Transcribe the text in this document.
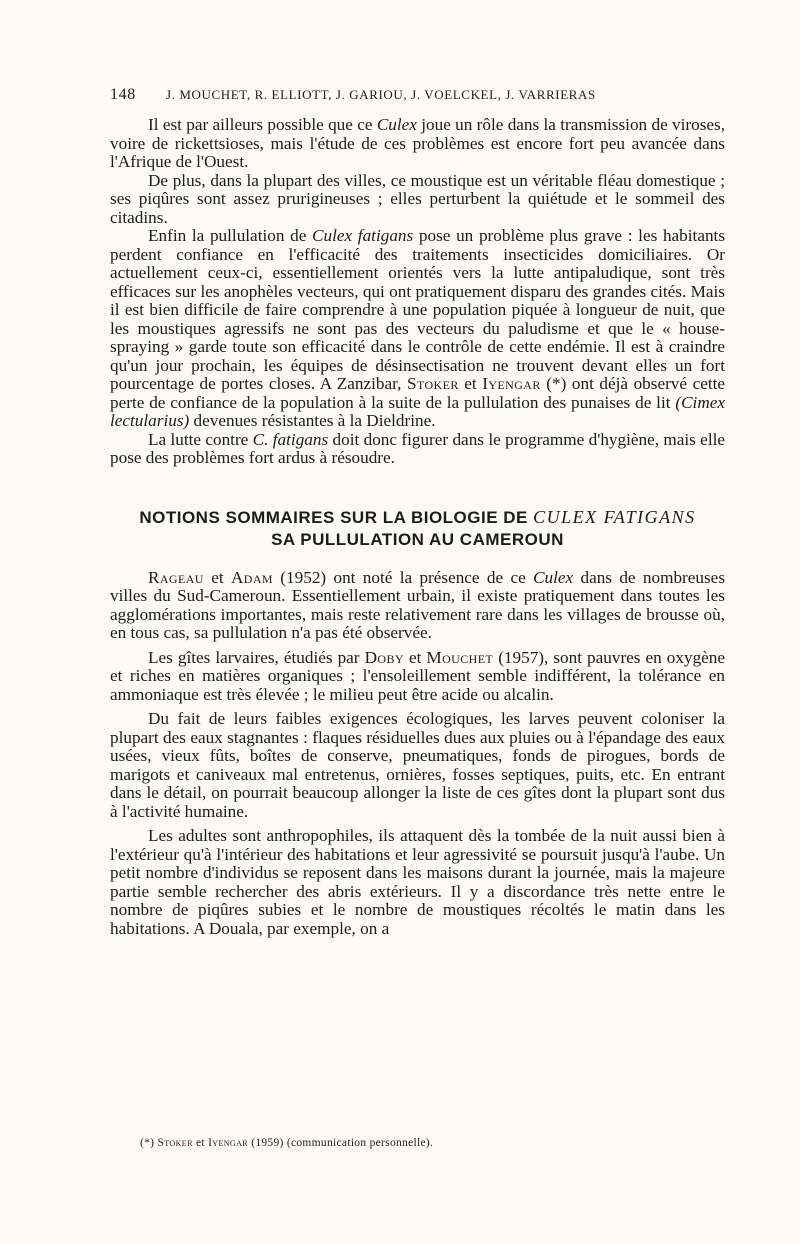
148 J. MOUCHET, R. ELLIOTT, J. GARIOU, J. VOELCKEL, J. VARRIERAS

Il est par ailleurs possible que ce Culex joue un rôle dans la transmission de viroses, voire de rickettsioses, mais l'étude de ces problèmes est encore fort peu avancée dans l'Afrique de l'Ouest.

De plus, dans la plupart des villes, ce moustique est un véritable fléau domestique ; ses piqûres sont assez prurigineuses ; elles perturbent la quiétude et le sommeil des citadins.

Enfin la pullulation de Culex fatigans pose un problème plus grave : les habitants perdent confiance en l'efficacité des traitements insecticides domiciliaires. Or actuellement ceux-ci, essentiellement orientés vers la lutte antipaludique, sont très efficaces sur les anophèles vecteurs, qui ont pratiquement disparu des grandes cités. Mais il est bien difficile de faire comprendre à une population piquée à longueur de nuit, que les moustiques agressifs ne sont pas des vecteurs du paludisme et que le « house-spraying » garde toute son efficacité dans le contrôle de cette endémie. Il est à craindre qu'un jour prochain, les équipes de désinsectisation ne trouvent devant elles un fort pourcentage de portes closes. A Zanzibar, Stoker et Iyengar (*) ont déjà observé cette perte de confiance de la population à la suite de la pullulation des punaises de lit (Cimex lectularius) devenues résistantes à la Dieldrine.

La lutte contre C. fatigans doit donc figurer dans le programme d'hygiène, mais elle pose des problèmes fort ardus à résoudre.

NOTIONS SOMMAIRES SUR LA BIOLOGIE DE CULEX FATIGANS
SA PULLULATION AU CAMEROUN

Rageau et Adam (1952) ont noté la présence de ce Culex dans de nombreuses villes du Sud-Cameroun. Essentiellement urbain, il existe pratiquement dans toutes les agglomérations importantes, mais reste relativement rare dans les villages de brousse où, en tous cas, sa pullulation n'a pas été observée.

Les gîtes larvaires, étudiés par Doby et Mouchet (1957), sont pauvres en oxygène et riches en matières organiques ; l'ensoleillement semble indifférent, la tolérance en ammoniaque est très élevée ; le milieu peut être acide ou alcalin.

Du fait de leurs faibles exigences écologiques, les larves peuvent coloniser la plupart des eaux stagnantes : flaques résiduelles dues aux pluies ou à l'épandage des eaux usées, vieux fûts, boîtes de conserve, pneumatiques, fonds de pirogues, bords de marigots et caniveaux mal entretenus, ornières, fosses septiques, puits, etc. En entrant dans le détail, on pourrait beaucoup allonger la liste de ces gîtes dont la plupart sont dus à l'activité humaine.

Les adultes sont anthropophiles, ils attaquent dès la tombée de la nuit aussi bien à l'extérieur qu'à l'intérieur des habitations et leur agressivité se poursuit jusqu'à l'aube. Un petit nombre d'individus se reposent dans les maisons durant la journée, mais la majeure partie semble rechercher des abris extérieurs. Il y a discordance très nette entre le nombre de piqûres subies et le nombre de moustiques récoltés le matin dans les habitations. A Douala, par exemple, on a

(*) Stoker et Iyengar (1959) (communication personnelle).
